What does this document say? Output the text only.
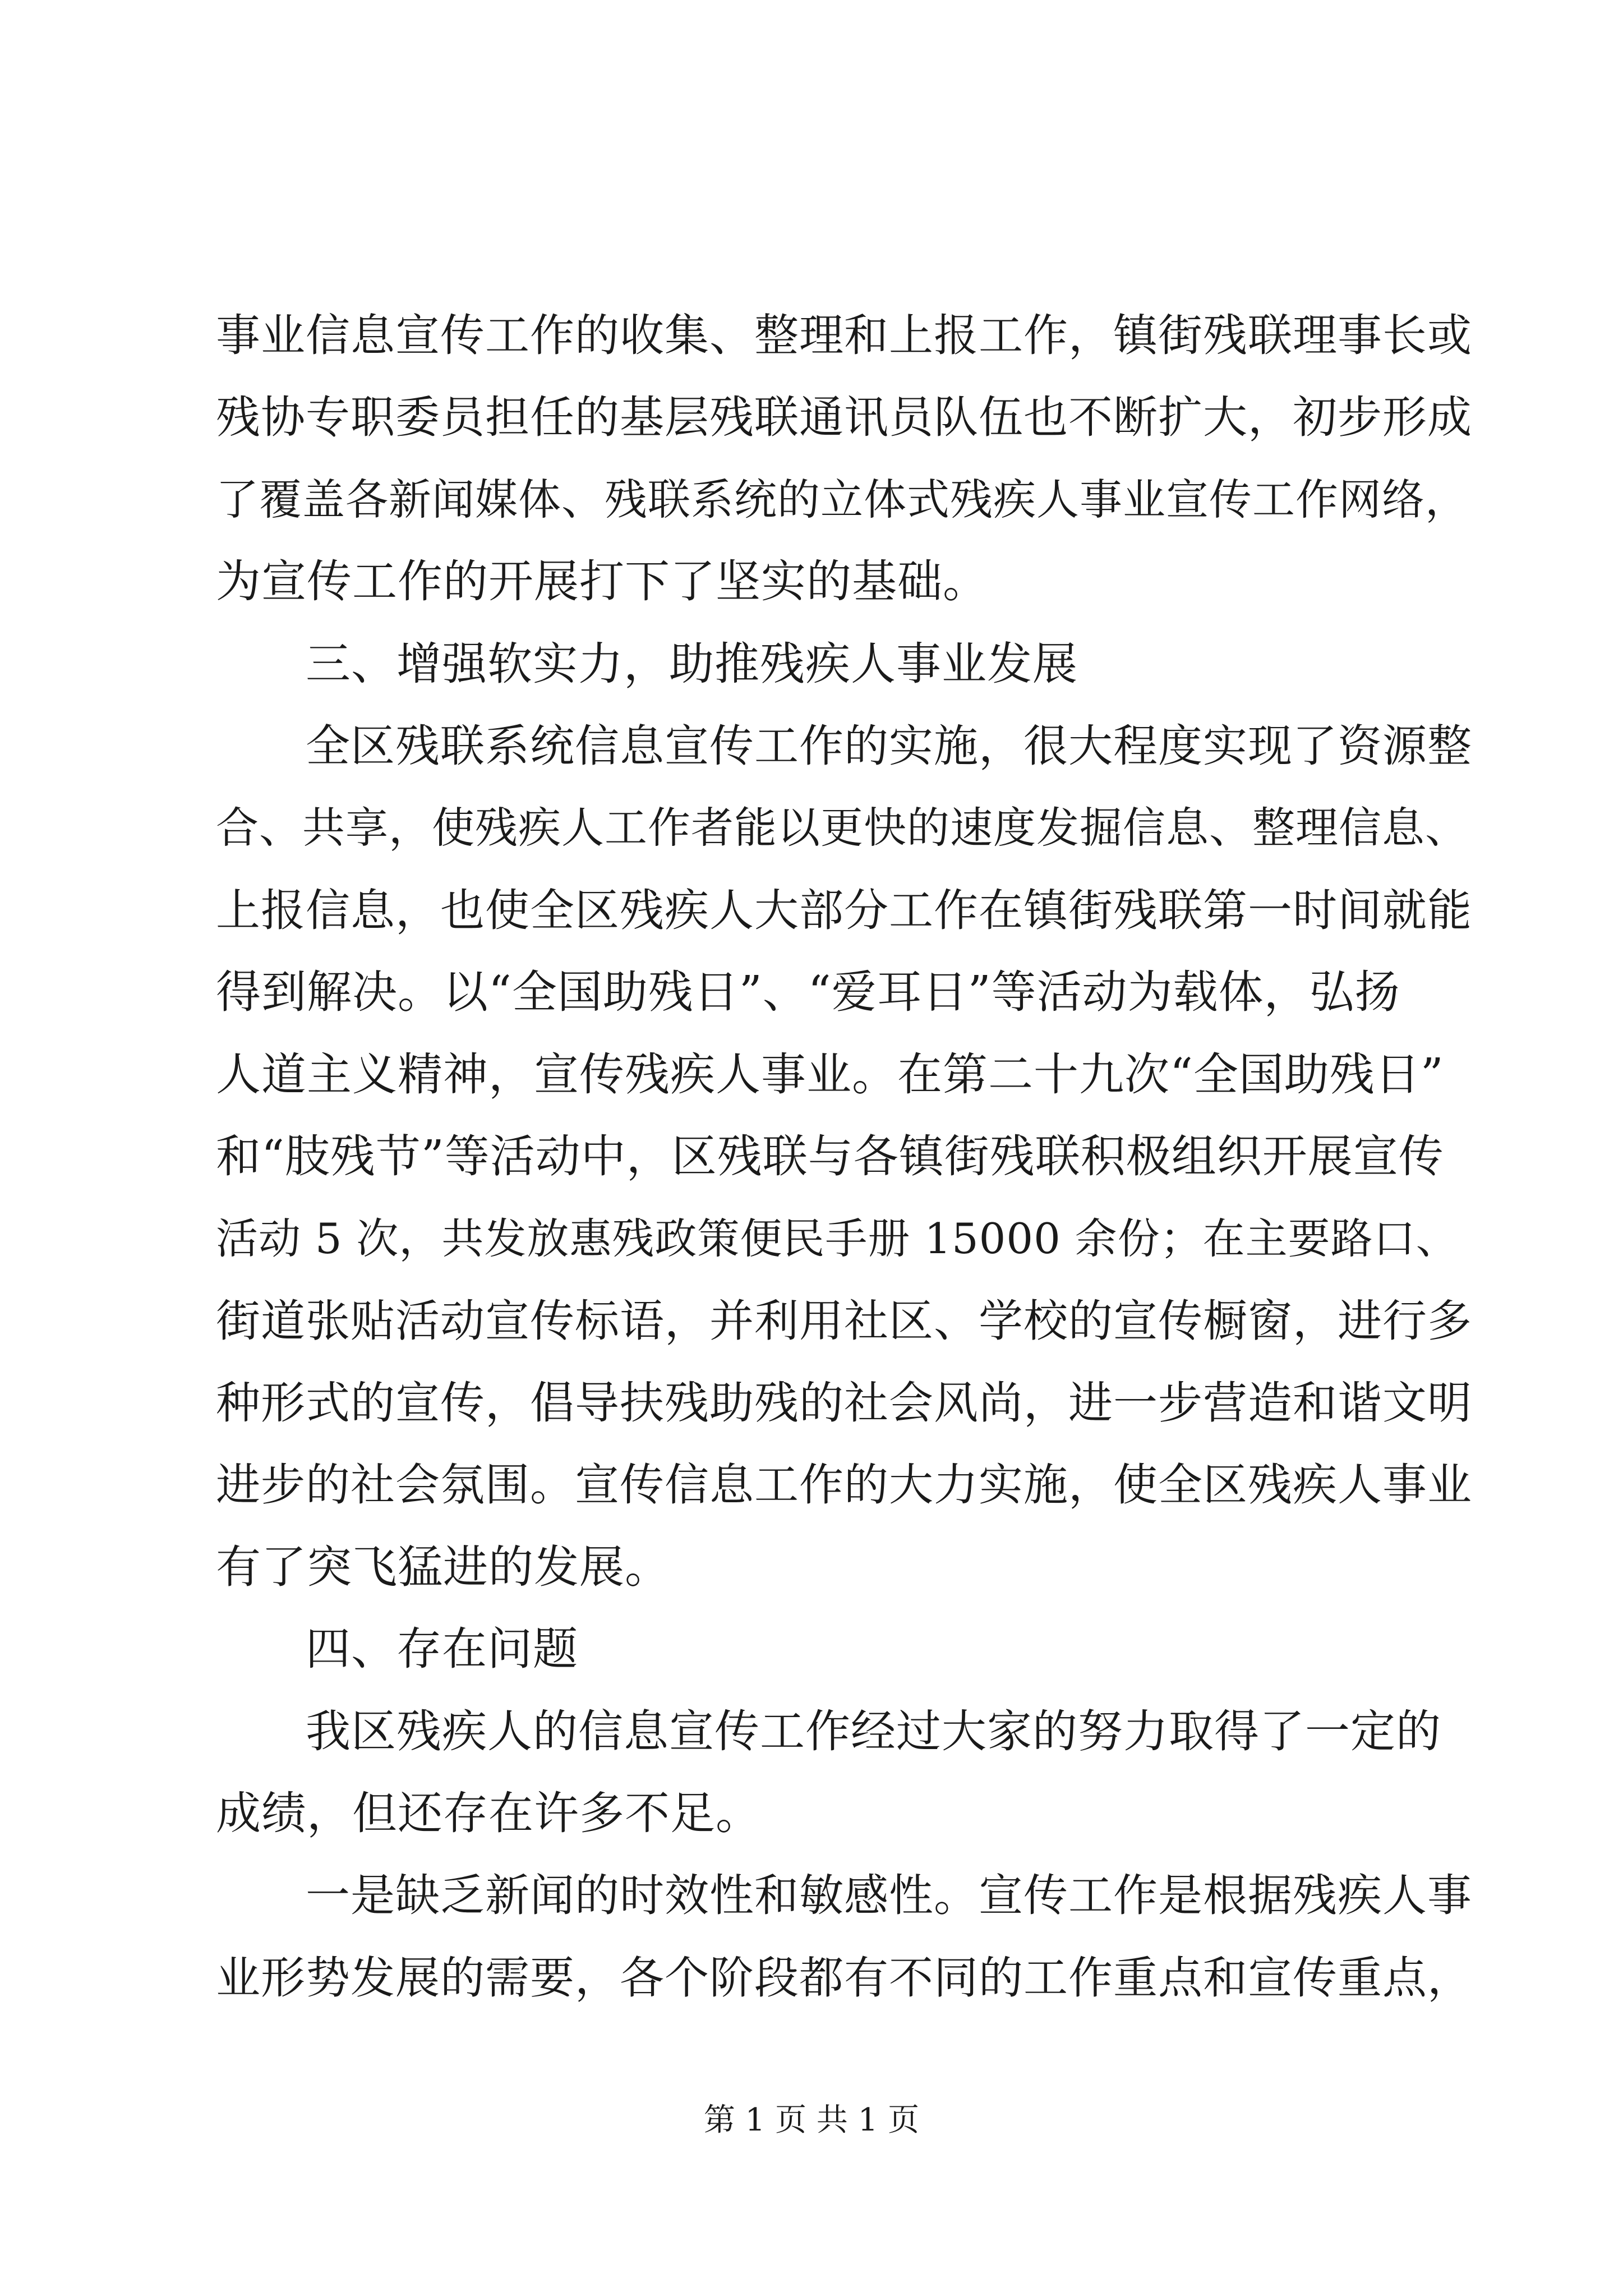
事业信息宣传工作的收集、整理和上报工作，镇街残联理事长或
残协专职委员担任的基层残联通讯员队伍也不断扩大，初步形成
了覆盖各新闻媒体、残联系统的立体式残疾人事业宣传工作网络，
为宣传工作的开展打下了坚实的基础。
三、增强软实力，助推残疾人事业发展
全区残联系统信息宣传工作的实施，很大程度实现了资源整
合、共享，使残疾人工作者能以更快的速度发掘信息、整理信息、
上报信息，也使全区残疾人大部分工作在镇街残联第一时间就能
得到解决。以“全国助残日”、“爱耳日”等活动为载体，弘扬
人道主义精神，宣传残疾人事业。在第二十九次“全国助残日”
和“肢残节”等活动中，区残联与各镇街残联积极组织开展宣传
活动 5 次，共发放惠残政策便民手册 15000 余份；在主要路口、
街道张贴活动宣传标语，并利用社区、学校的宣传橱窗，进行多
种形式的宣传，倡导扶残助残的社会风尚，进一步营造和谐文明
进步的社会氛围。宣传信息工作的大力实施，使全区残疾人事业
有了突飞猛进的发展。
四、存在问题
我区残疾人的信息宣传工作经过大家的努力取得了一定的
成绩，但还存在许多不足。
一是缺乏新闻的时效性和敏感性。宣传工作是根据残疾人事
业形势发展的需要，各个阶段都有不同的工作重点和宣传重点，
第 1 页 共 1 页
